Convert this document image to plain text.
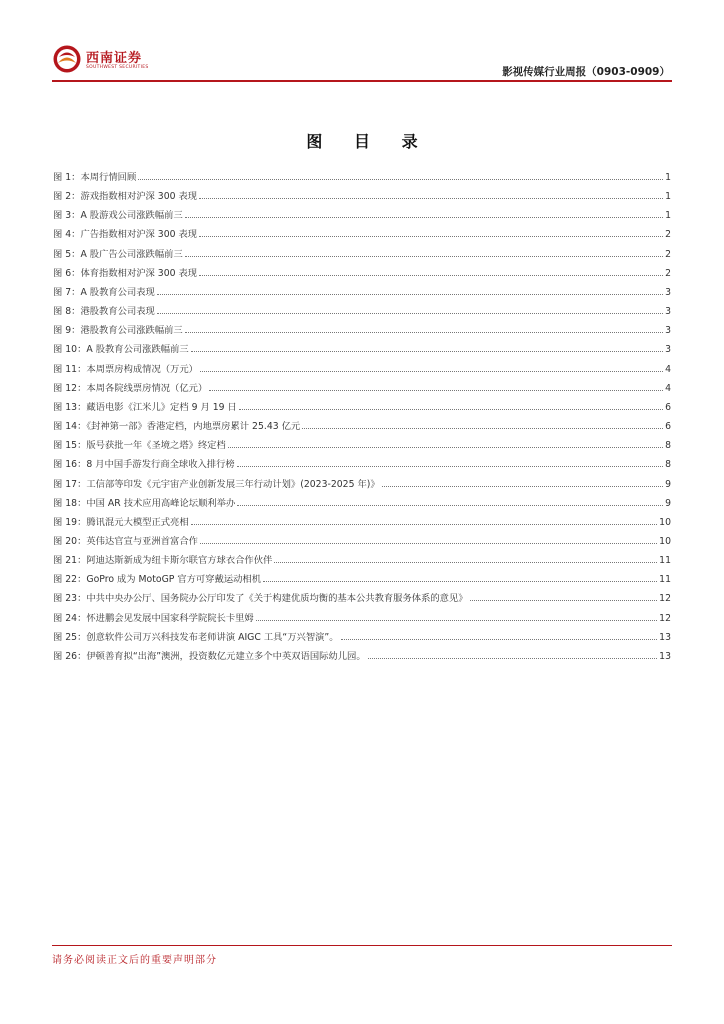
西南证券
SOUTHWEST SECURITIES	影视传媒行业周报（0903-0909）
图 目 录
图 1：本周行情回顾	1
图 2：游戏指数相对沪深 300 表现	1
图 3：A 股游戏公司涨跌幅前三	1
图 4：广告指数相对沪深 300 表现	2
图 5：A 股广告公司涨跌幅前三	2
图 6：体育指数相对沪深 300 表现	2
图 7：A 股教育公司表现	3
图 8：港股教育公司表现	3
图 9：港股教育公司涨跌幅前三	3
图 10：A 股教育公司涨跌幅前三	3
图 11：本周票房构成情况（万元）	4
图 12：本周各院线票房情况（亿元）	4
图 13：藏语电影《江米儿》定档 9 月 19 日	6
图 14：《封神第一部》香港定档，内地票房累计 25.43 亿元	6
图 15：版号获批一年《圣境之塔》终定档	8
图 16：8 月中国手游发行商全球收入排行榜	8
图 17：工信部等印发《元宇宙产业创新发展三年行动计划》(2023-2025 年)》	9
图 18：中国 AR 技术应用高峰论坛顺利举办	9
图 19：腾讯混元大模型正式亮相	10
图 20：英伟达官宣与亚洲首富合作	10
图 21：阿迪达斯新成为纽卡斯尔联官方球衣合作伙伴	11
图 22：GoPro 成为 MotoGP 官方可穿戴运动相机	11
图 23：中共中央办公厅、国务院办公厅印发了《关于构建优质均衡的基本公共教育服务体系的意见》	12
图 24：怀进鹏会见发展中国家科学院院长卡里姆	12
图 25：创意软件公司万兴科技发布老师讲演 AIGC 工具“万兴智演”。	13
图 26：伊顿善育拟“出海”澳洲，投资数亿元建立多个中英双语国际幼儿园。	13
请务必阅读正文后的重要声明部分
